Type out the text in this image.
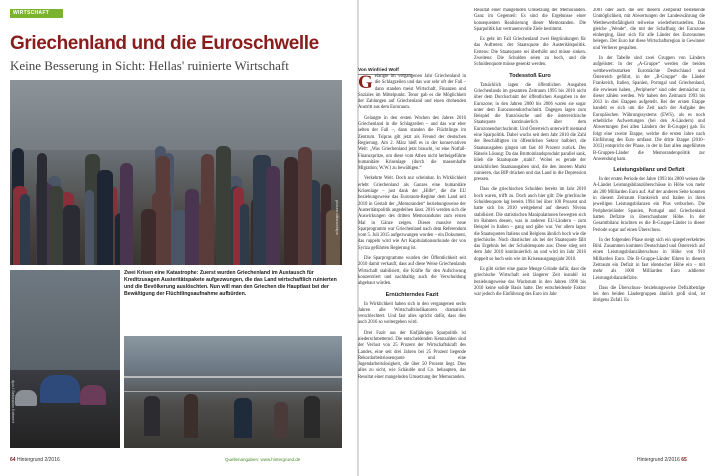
WIRTSCHAFT
Griechenland und die Euroschwelle
Keine Besserung in Sicht: Hellas' ruinierte Wirtschaft
picture-alliance/dpa
dpa / Sebastian Kahnert
Zwei Krisen eine Katastrophe: Zuerst wurden Griechenland im Austausch für Kreditzusagen Austeritätspakete aufgezwungen, die das Land wirtschaftlich ruinierten und die Bevölkerung auslöschten. Nun will man den Griechen die Hauptlast bei der Bewältigung der Flüchtlingsaufnahme aufbürden.
Von Winfried Wolf
G elangte im vergangenen Jahr Griechenland in die Schlagzeilen und das war sehr oft der Fall – dann standen meist Wirtschaft, Finanzen und Soziales im Mittelpunkt. Tenor gab es die Möglichkeit der Zahlungen auf Griechenland und einen drohenden Austritt aus dem Euroraum.

Gelangte in den ersten Wochen des Jahres 2016 Griechenland in die Schlagzeilen – und das war eher selten der Fall –, dann standen die Flüchtlinge im Zentrum. Tsipras gilt jetzt als Freund der deutschen Regierung. Am 2. März hieß es in der konservativen Welt: „Was Griechenland jetzt braucht, ist eine Notfall-Finanzspritze, um diese vom Athen nicht herbeigeführte humanitäre Krisenlage (durch die massenhafte Migration; W.W.) zu bewältigen.“

Verkehrte Welt. Doch nur scheinbar. In Wirklichkeit erlebt Griechenland als Ganzes eine humanitäre Krisenlage – just dank der „Hilfe“, die die EU beziehungsweise das Euroraum-Regime dem Land seit 2010 in Gestalt der „Memoranden“ beziehungsweise der Austeritätspolitik angedeihen lässt. 2016 werden sich die Auswirkungen des dritten Memorandums zum ersten Mal in Gänze zeigen. Dieses massive neue Sparprogramm war Griechenland nach dem Referendum vom 5. Juli 2015 aufgezwungen worden – ein Dokument, das ruppeln wird wie Art Kapitulationsurkunde der von Syriza geführten Regierung ist.

Die Sparprogramme wurden der Öffentlichkeit seit 2010 damit verkauft, dass auf diese Weise Griechenlands Wirtschaft stabilisiert, die Kräfte für den Aufschwung konzentriert und nachhaltig auch die Verschuldung abgebaut würden.

Ernüchterndes Fazit

In Wirklichkeit haben sich in den vergangenen sechs Jahren alle Wirtschaftsindikatoren dramatisch verschlechtert. Und fast alles spricht dafür, dass dies auch 2016 so weitergehen wird.

Drei Fazit aus der fünfjährigen Sparpolitik ist niederschmetternd. Die entscheidenden Kennzahlen sind der Verlust von 25 Prozent der Wirtschaftskraft des Landes, eine seit drei Jahren bei 25 Prozent liegende Rekordarbeitslosenquote und eine Jugendarbeitslosigkeit, die über 50 Prozent liegt. Dies alles zu sicht, wie Schäuble und Co. behaupten, das Resultat einer mangelnden Umsetzung der Memoranden.

Resultat einer mangelnden Umsetzung der Memoranden. Ganz im Gegenteil: Es sind die Ergebnisse einer konsequenten Realisierung dieser Memoranden. Die Sparpolitik hat vertrauensvolle Ziele bestimmt.

Es geht im Fall Griechenland zwei Begründungen für das Auftreten: der Staatsquote die Austeritätspolitik. Erstens: Die Staatsquote sei überhöht und müsse sinken. Zweitens: Die Schulden seien zu hoch, und die Schuldenquote müsse gesenkt werden.

Todesstoß Euro

Tatsächlich lagen die öffentlichen Ausgaben Griechenlands im gesamten Zeitraum 1995 bis 2010 nicht über dem Durchschnitt der öffentlichen Ausgaben in der Eurozone; in den Jahren 2000 bis 2006 waren sie sogar unter dem Eurozonendurchschnitt. Dagegen lagen zum Beispiel die französische und die österreichische Staatsquote kontinuierlich über dem Eurozonendurchschnitt. Und Österreich unterwirft niemand eine Sparpolitik. Dabei wuchs seit dem Jahr 2010 die Zahl der Beschäftigten im öffentlichen Sektor halbiert, die Staatsausgaben gingen um fast 40 Prozent zurück. Des Rätsels Lösung: Da das Bruttoinlandsprodukt parallel sank, blieb die Staatsquote ‚stabil‘. Wobei es gerade der tatsächlichen Staatsausgaben sind, die den inneren Markt ruinieren, das BIP drücken und das Land in die Depression pressen.

Dass die griechischen Schulden bereits im Jahr 2010 hoch waren, trifft zu. Doch auch hier gilt: Die griechische Schuldenquote lag bereits 1994 bei über 100 Prozent und hatte sich bis 2010 weitgehend auf diesem Niveau stabilisiert. Die statistischen Manipulationen bewegten sich im Rahmen dessen, was in anderen EU-Ländern – zum Beispiel in Italien – gang und gäbe war. Vor allem lagen die Staatsquoten Italiens und Belgiens ähnlich hoch wie die griechische. Noch drastischer als bei der Staatsquote fällt das Ergebnis bei der Schuldenquote aus: Diese stieg seit dem Jahr 2010 kontinuierlich an und wird im Jahr 2016 doppelt so hoch sein wie im Krisenausgangsjahr 2010.

Es gibt sicher eine ganze Menge Gründe dafür, dass die griechische Wirtschaft seit längerer Zeit instabil ist beziehungsweise das Wachstum in den Jahren 1990 bis 2010 keine solide Basis hatte. Der entscheidende Faktor war jedoch die Einführung des Euro im Jahr

2001 oder auch die seit diesem Zeitpunkt bestehende Unmöglichkeit, mit Abwertungen der Landeswährung die Wettbewerbsfähigkeit teilweise wiederherzustellen. Das gleiche „Wende“, die mit der Schaffung der Eurozone einherging, lässt sich für alle Länder des Euroraumes belegen. Der Euro hat diese Wirtschaftsregion in Gewinner und Verlierer gespalten.

In der Tabelle sind zwei Gruppen von Ländern aufgelistet: In der „A-Gruppe“ werden die beiden wettbewerbsstarken Euromächte Deutschland und Österreich geführt, in der „B-Gruppe“ die Länder Frankreich, Italien, Spanien, Portugal und Griechenland, die erwiesen haben, „Peripherie“ sind oder demnächst zu dieser zählen werden. Wir haben den Zeitraum 1993 bis 2013 in drei Etappen aufgeteilt. Bei der ersten Etappe handelt es sich um die Zeit nach der Aufgabe des Europäischen Währungssystems (EWS), als es noch erhebliche Aufwertungen (bei den A-Ländern) und Abwertungen (bei allen Ländern der B-Gruppe) gab. Es folgt eine zweite Etappe, welche die ersten Jahre nach Einführung des Euro umfasst. Die dritte Etappe (2010–2013) entspricht der Phase, in der in fast allen angeführten B-Gruppen-Länder die Memorandenpolitik zur Anwendung kam.

Leistungsbilanz und Defizit

In der ersten Periode der Jahre 1993 bis 2000 weisen die A-Länder Leistungsbilanzüberschüsse in Höhe von mehr als 200 Milliarden Euro auf. Auf der anderen Seite konnten in diesem Zeitraum Frankreich und Italien in ihren jeweiligen Leistungsbilanzen ein Plus verbuchen. Die Peripherieländer Spanien, Portugal und Griechenland hatten Defizite in überschaubarer Höhe. In der Gesamtbilanz brachten es die B-Gruppe-Länder in dieser Periode sogar auf einen Überschuss.

In der folgenden Phase steigt sich ein spiegelverkehrtes Bild. Zusammen kommen Deutschland und Österreich auf einen Leistungsbilanzüberschuss in Höhe von 910 Milliarden Euro. Die B-Gruppe-Länder führen in diesem Zeitraum ein Defizit in fast identischer Höhe ein – mit mehr als 1000 Milliarden Euro addierter Leistungsbilanzdefizite.

Dass die Überschuss- beziehungsweise Defizitbeträge bei den beiden Ländergruppen ähnlich groß sind, ist übrigens Zufall. Es

64 Hintergrund 2/2016	Quellenangaben: www.hintergrund.de	Hintergrund 2/2016 65
